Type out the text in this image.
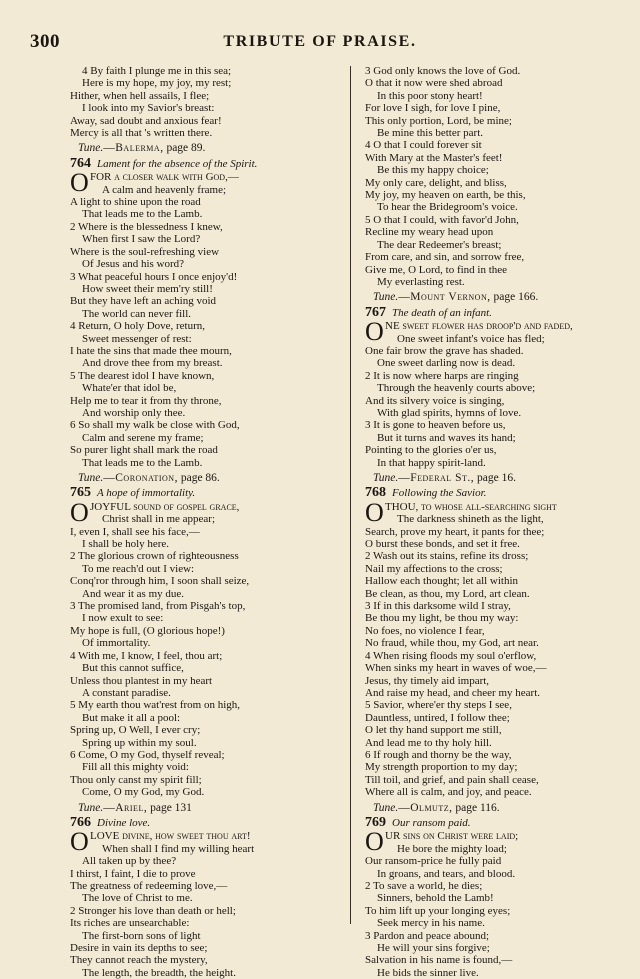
300	TRIBUTE OF PRAISE.
4 By faith I plunge me in this sea;
Here is my hope, my joy, my rest;
Hither, when hell assails, I flee;
I look into my Savior's breast:
Away, sad doubt and anxious fear!
Mercy is all that 's written there.
Tune.—Balerma, page 89.
764 Lament for the absence of the Spirit.
O FOR a closer walk with God,—
A calm and heavenly frame;
A light to shine upon the road
That leads me to the Lamb.
2 Where is the blessedness I knew,
When first I saw the Lord?
Where is the soul-refreshing view
Of Jesus and his word?
3 What peaceful hours I once enjoy'd!
How sweet their mem'ry still!
But they have left an aching void
The world can never fill.
4 Return, O holy Dove, return,
Sweet messenger of rest:
I hate the sins that made thee mourn,
And drove thee from my breast.
5 The dearest idol I have known,
Whate'er that idol be,
Help me to tear it from thy throne,
And worship only thee.
6 So shall my walk be close with God,
Calm and serene my frame;
So purer light shall mark the road
That leads me to the Lamb.
Tune.—Coronation, page 86.
765 A hope of immortality.
O JOYFUL sound of gospel grace,
Christ shall in me appear;
I, even I, shall see his face,—
I shall be holy here.
2 The glorious crown of righteousness
To me reach'd out I view:
Conq'ror through him, I soon shall seize,
And wear it as my due.
3 The promised land, from Pisgah's top,
I now exult to see:
My hope is full, (O glorious hope!)
Of immortality.
4 With me, I know, I feel, thou art;
But this cannot suffice,
Unless thou plantest in my heart
A constant paradise.
5 My earth thou wat'rest from on high,
But make it all a pool:
Spring up, O Well, I ever cry;
Spring up within my soul.
6 Come, O my God, thyself reveal;
Fill all this mighty void:
Thou only canst my spirit fill;
Come, O my God, my God.
Tune.—Ariel, page 131
766 Divine love.
O LOVE divine, how sweet thou art!
When shall I find my willing heart
All taken up by thee?
I thirst, I faint, I die to prove
The greatness of redeeming love,—
The love of Christ to me.
2 Stronger his love than death or hell;
Its riches are unsearchable:
The first-born sons of light
Desire in vain its depths to see;
They cannot reach the mystery,
The length, the breadth, the height.
3 God only knows the love of God.
O that it now were shed abroad
In this poor stony heart!
For love I sigh, for love I pine,
This only portion, Lord, be mine;
Be mine this better part.
4 O that I could forever sit
With Mary at the Master's feet!
Be this my happy choice;
My only care, delight, and bliss,
My joy, my heaven on earth, be this,
To hear the Bridegroom's voice.
5 O that I could, with favor'd John,
Recline my weary head upon
The dear Redeemer's breast;
From care, and sin, and sorrow free,
Give me, O Lord, to find in thee
My everlasting rest.
Tune.—Mount Vernon, page 166.
767 The death of an infant.
O NE sweet flower has droop'd and faded,
One sweet infant's voice has fled;
One fair brow the grave has shaded.
One sweet darling now is dead.
2 It is now where harps are ringing
Through the heavenly courts above;
And its silvery voice is singing,
With glad spirits, hymns of love.
3 It is gone to heaven before us,
But it turns and waves its hand;
Pointing to the glories o'er us,
In that happy spirit-land.
Tune.—Federal St., page 16.
768 Following the Savior.
O THOU, to whose all-searching sight
The darkness shineth as the light,
Search, prove my heart, it pants for thee;
O burst these bonds, and set it free.
2 Wash out its stains, refine its dross;
Nail my affections to the cross;
Hallow each thought; let all within
Be clean, as thou, my Lord, art clean.
3 If in this darksome wild I stray,
Be thou my light, be thou my way:
No foes, no violence I fear,
No fraud, while thou, my God, art near.
4 When rising floods my soul o'erflow,
When sinks my heart in waves of woe,—
Jesus, thy timely aid impart,
And raise my head, and cheer my heart.
5 Savior, where'er thy steps I see,
Dauntless, untired, I follow thee;
O let thy hand support me still,
And lead me to thy holy hill.
6 If rough and thorny be the way,
My strength proportion to my day;
Till toil, and grief, and pain shall cease,
Where all is calm, and joy, and peace.
Tune.—Olmutz, page 116.
769 Our ransom paid.
O UR sins on Christ were laid;
He bore the mighty load;
Our ransom-price he fully paid
In groans, and tears, and blood.
2 To save a world, he dies;
Sinners, behold the Lamb!
To him lift up your longing eyes;
Seek mercy in his name.
3 Pardon and peace abound;
He will your sins forgive;
Salvation in his name is found,—
He bids the sinner live.
